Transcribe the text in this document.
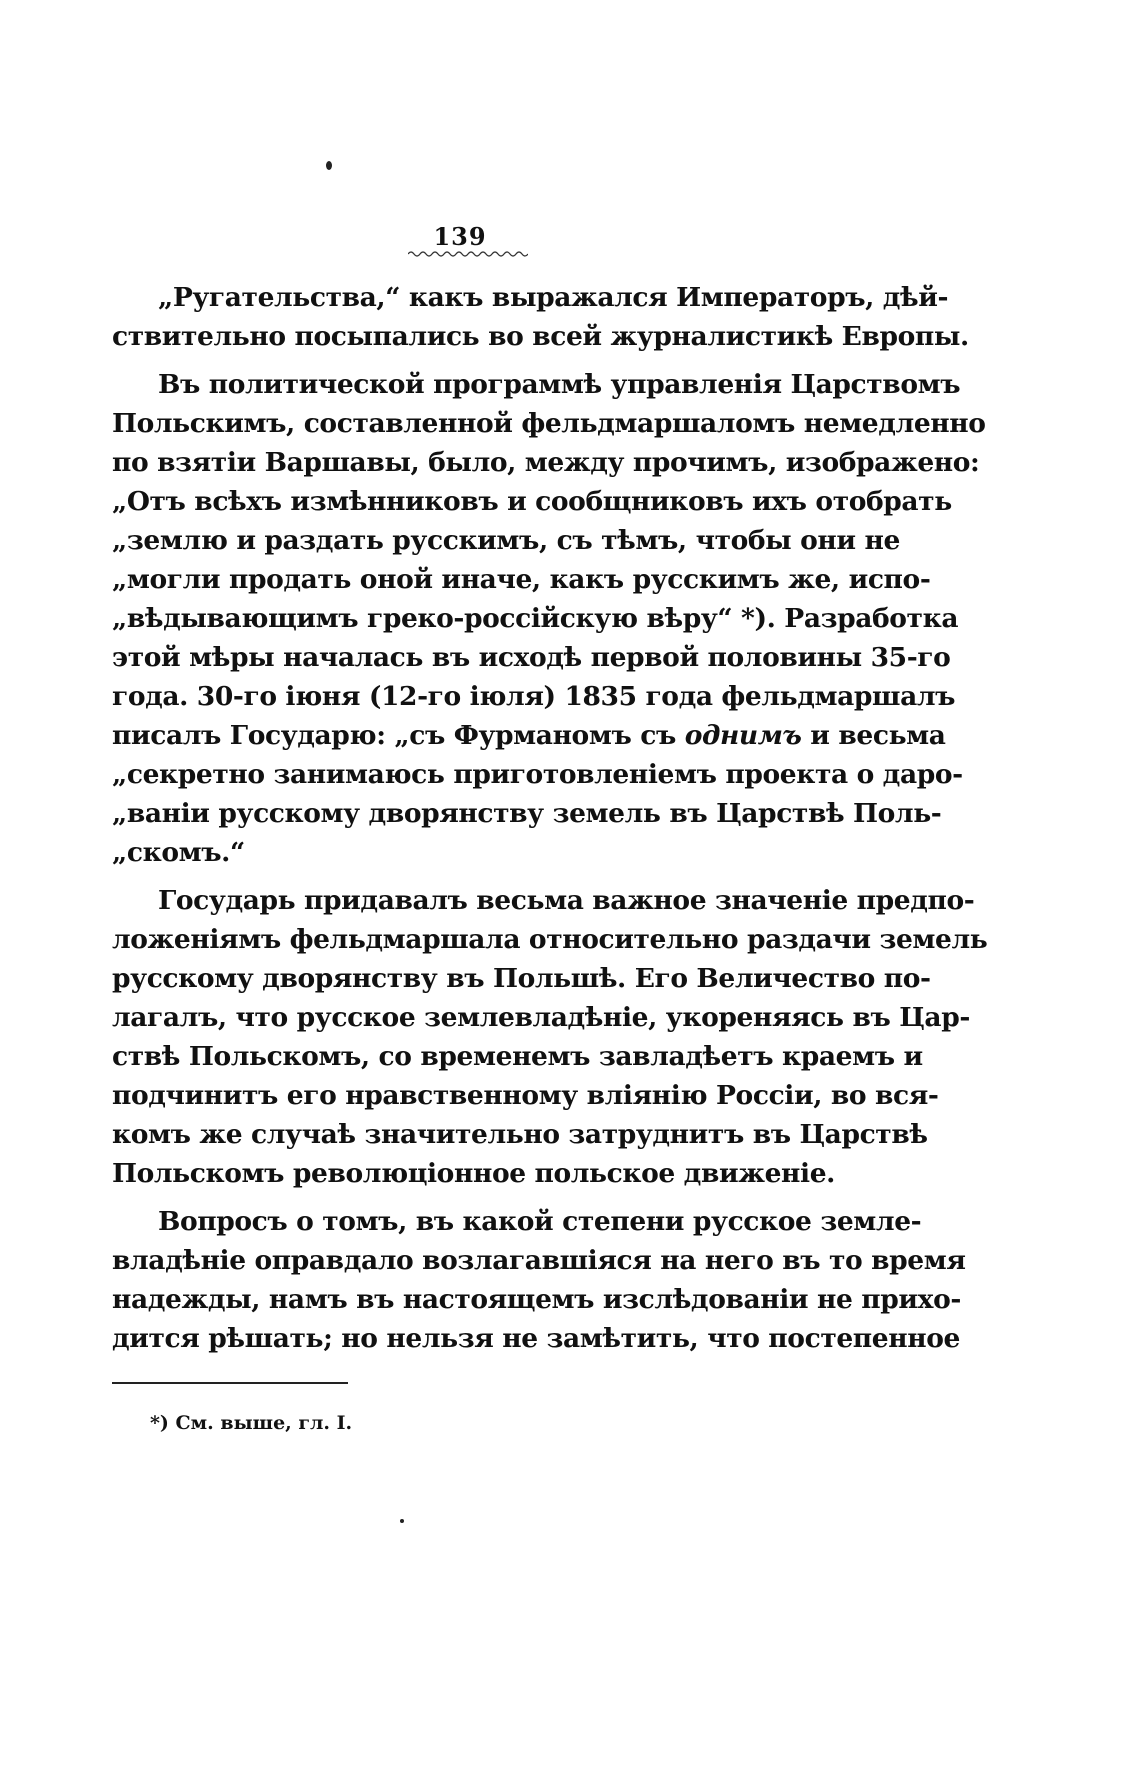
139

„Ругательства,“ какъ выражался Императоръ, дѣй-
ствительно посыпались во всей журналистикѣ Европы.

Въ политической программѣ управленія Царствомъ
Польскимъ, составленной фельдмаршаломъ немедленно
по взятіи Варшавы, было, между прочимъ, изображено:
„Отъ всѣхъ измѣнниковъ и сообщниковъ ихъ отобрать
„землю и раздать русскимъ, съ тѣмъ, чтобы они не
„могли продать оной иначе, какъ русскимъ же, испо-
„вѣдывающимъ греко-россійскую вѣру“ *). Разработка
этой мѣры началась въ исходѣ первой половины 35-го
года. 30-го іюня (12-го іюля) 1835 года фельдмаршалъ
писалъ Государю: „съ Фурманомъ съ однимъ и весьма
„секретно занимаюсь приготовленіемъ проекта о даро-
„ваніи русскому дворянству земель въ Царствѣ Поль-
„скомъ.“

Государь придавалъ весьма важное значеніе предпо-
ложеніямъ фельдмаршала относительно раздачи земель
русскому дворянству въ Польшѣ. Его Величество по-
лагалъ, что русское землевладѣніе, укореняясь въ Цар-
ствѣ Польскомъ, со временемъ завладѣетъ краемъ и
подчинитъ его нравственному вліянію Россіи, во вся-
комъ же случаѣ значительно затруднитъ въ Царствѣ
Польскомъ революціонное польское движеніе.

Вопросъ о томъ, въ какой степени русское земле-
владѣніе оправдало возлагавшіяся на него въ то время
надежды, намъ въ настоящемъ изслѣдованіи не прихо-
дится рѣшать; но нельзя не замѣтить, что постепенное

*) См. выше, гл. I.
